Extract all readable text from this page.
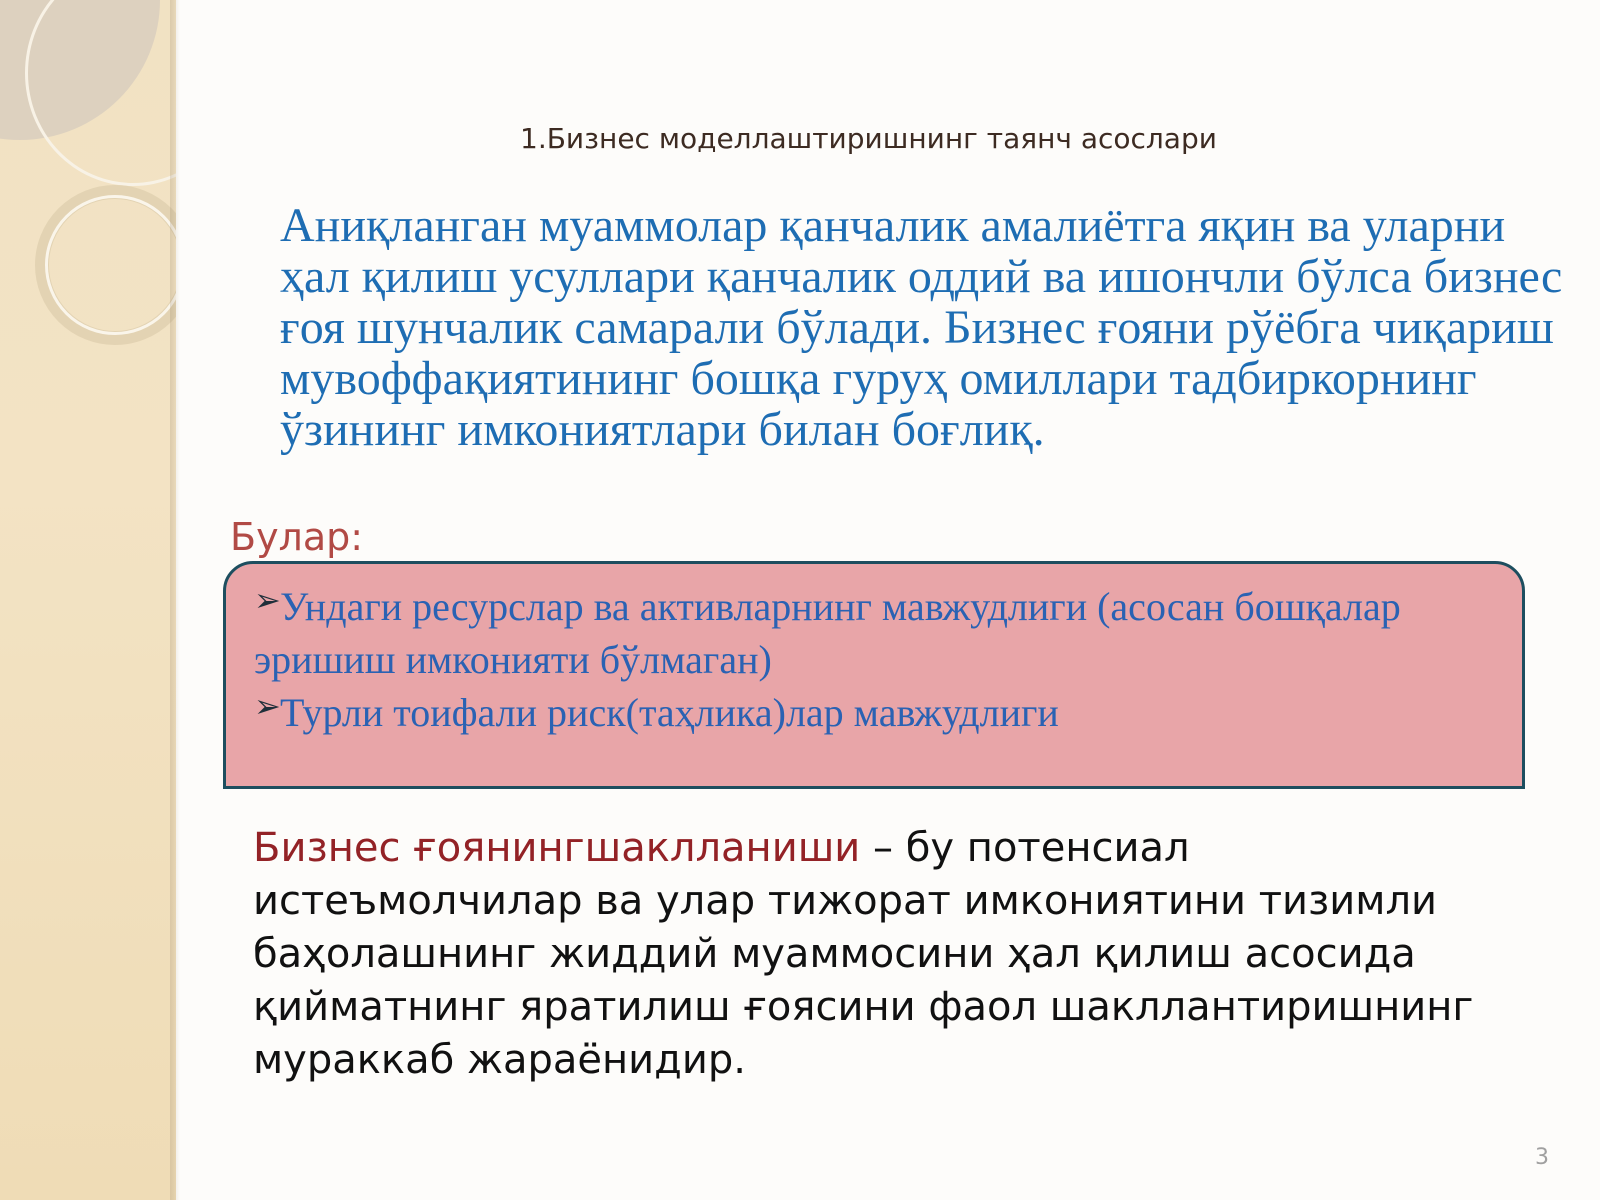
1.Бизнес моделлаштиришнинг таянч асослари

Аниқланган муаммолар қанчалик амалиётга яқин ва уларни ҳал қилиш усуллари қанчалик оддий ва ишончли бўлса бизнес ғоя шунчалик самарали бўлади. Бизнес ғояни рўёбга чиқариш мувоффақиятининг бошқа гуруҳ омиллари тадбиркорнинг ўзининг имкониятлари билан боғлиқ.

Булар:
➢Ундаги ресурслар ва активларнинг мавжудлиги (асосан бошқалар эришиш имконияти бўлмаган)
➢Турли тоифали риск(таҳлика)лар мавжудлиги

Бизнес ғоянингшаклланиши – бу потенсиал истеъмолчилар ва улар тижорат имкониятини тизимли баҳолашнинг жиддий муаммосини ҳал қилиш асосида қийматнинг яратилиш ғоясини фаол шакллантиришнинг мураккаб жараёнидир.

3
